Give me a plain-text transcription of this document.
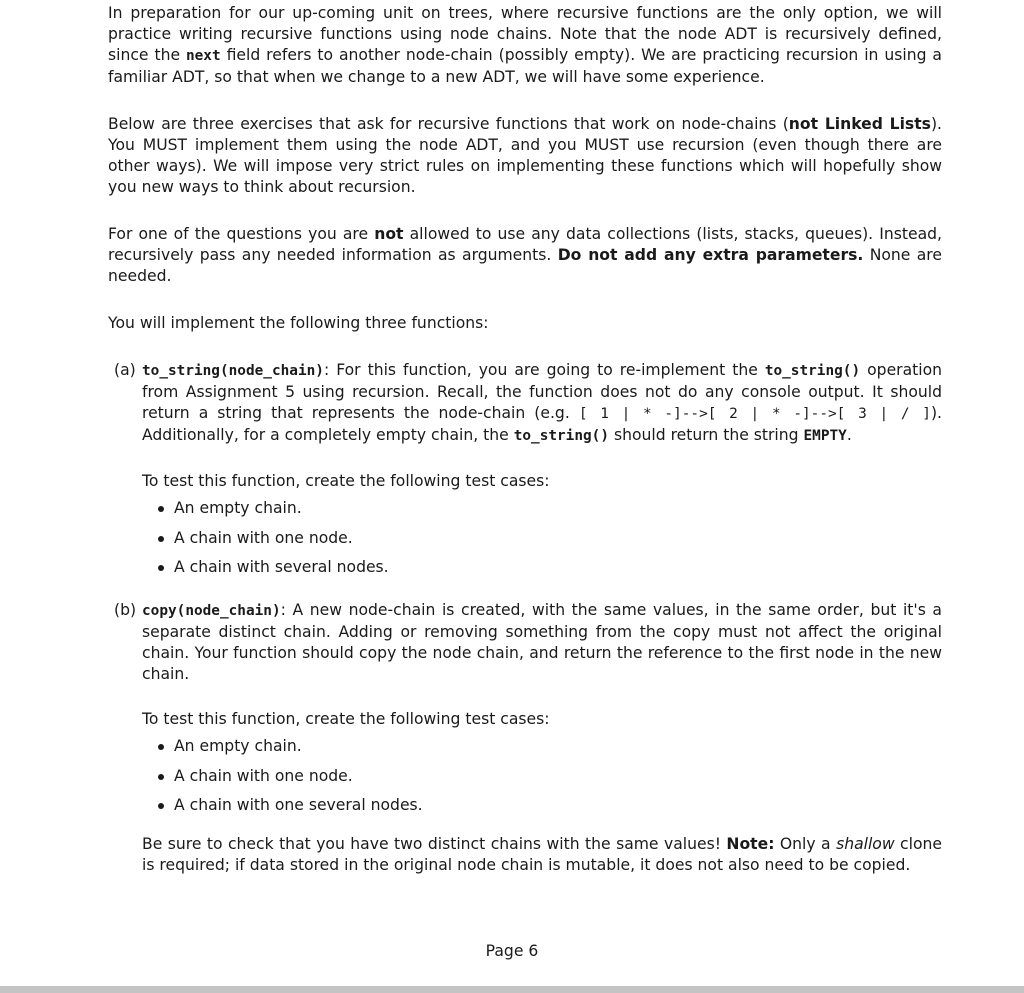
In preparation for our up-coming unit on trees, where recursive functions are the only option, we will practice writing recursive functions using node chains. Note that the node ADT is recursively defined, since the next field refers to another node-chain (possibly empty). We are practicing recursion in using a familiar ADT, so that when we change to a new ADT, we will have some experience.

Below are three exercises that ask for recursive functions that work on node-chains (not Linked Lists). You MUST implement them using the node ADT, and you MUST use recursion (even though there are other ways). We will impose very strict rules on implementing these functions which will hopefully show you new ways to think about recursion.

For one of the questions you are not allowed to use any data collections (lists, stacks, queues). Instead, recursively pass any needed information as arguments. Do not add any extra parameters. None are needed.

You will implement the following three functions:

(a) to_string(node_chain): For this function, you are going to re-implement the to_string() operation from Assignment 5 using recursion. Recall, the function does not do any console output. It should return a string that represents the node-chain (e.g. [ 1 | * -]-->[ 2 | * -]-->[ 3 | / ]). Additionally, for a completely empty chain, the to_string() should return the string EMPTY.

To test this function, create the following test cases:

An empty chain.
A chain with one node.
A chain with several nodes.
(b) copy(node_chain): A new node-chain is created, with the same values, in the same order, but it's a separate distinct chain. Adding or removing something from the copy must not affect the original chain. Your function should copy the node chain, and return the reference to the first node in the new chain.

To test this function, create the following test cases:

An empty chain.
A chain with one node.
A chain with one several nodes.

Be sure to check that you have two distinct chains with the same values! Note: Only a shallow clone is required; if data stored in the original node chain is mutable, it does not also need to be copied.

Page 6
